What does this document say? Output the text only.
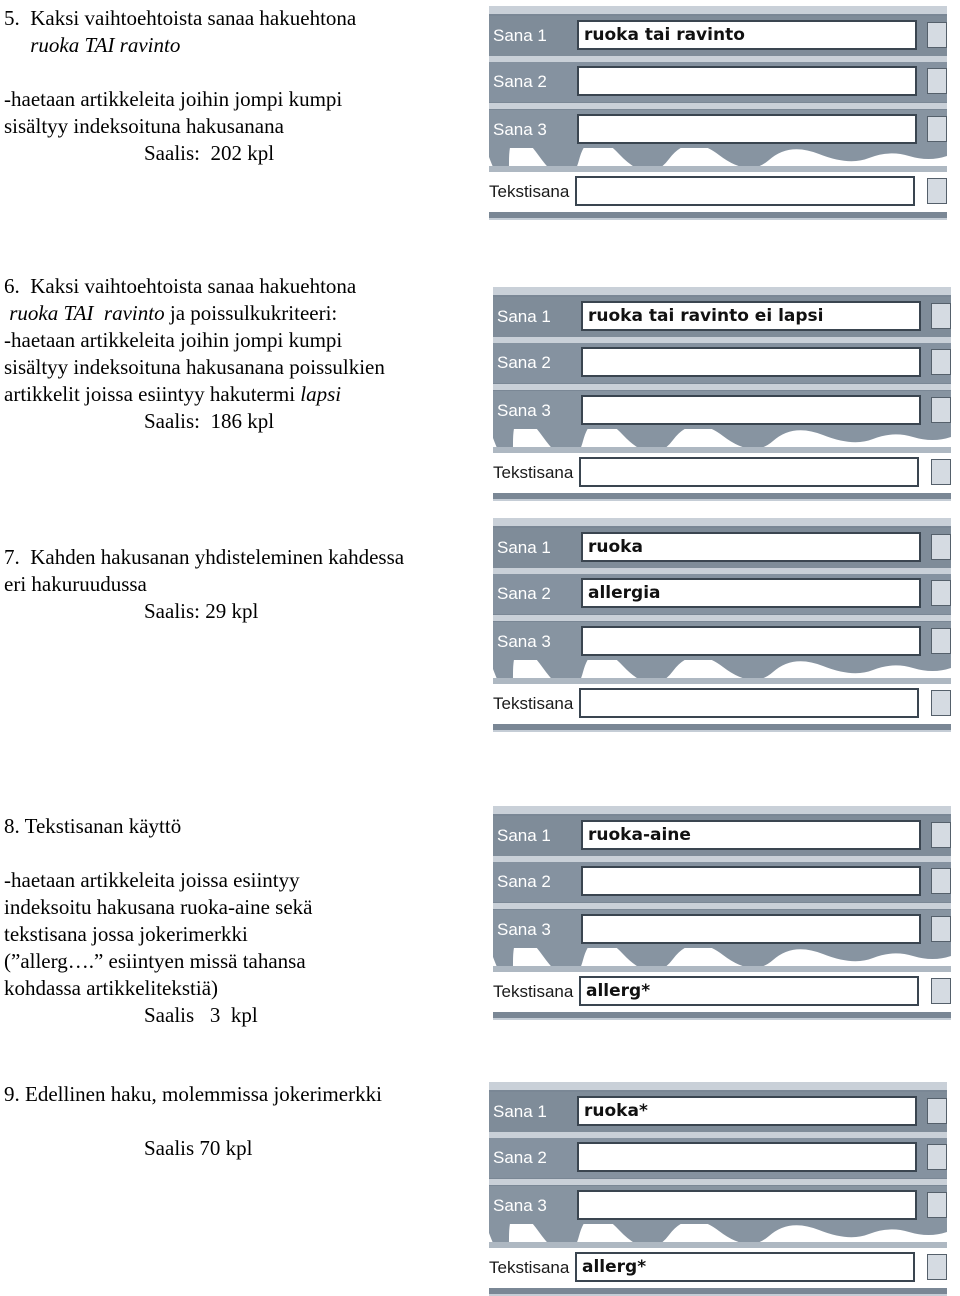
5.  Kaksi vaihtoehtoista sanaa hakuehtona
ruoka TAI ravinto

-haetaan artikkeleita joihin jompi kumpi
sisältyy indeksoituna hakusanana
Saalis:  202 kpl
Sana 1	ruoka tai ravinto
Sana 2
Sana 3
Tekstisana
6.  Kaksi vaihtoehtoista sanaa hakuehtona
ruoka TAI  ravinto ja poissulkukriteeri:
-haetaan artikkeleita joihin jompi kumpi
sisältyy indeksoituna hakusanana poissulkien
artikkelit joissa esiintyy hakutermi lapsi
Saalis:  186 kpl
Sana 1	ruoka tai ravinto ei lapsi
Sana 2
Sana 3
Tekstisana
7.  Kahden hakusanan yhdisteleminen kahdessa
eri hakuruudussa
Saalis: 29 kpl
Sana 1	ruoka
Sana 2	allergia
Sana 3
Tekstisana
8. Tekstisanan käyttö

-haetaan artikkeleita joissa esiintyy
indeksoitu hakusana ruoka-aine sekä
tekstisana jossa jokerimerkki
(”allerg….” esiintyen missä tahansa
kohdassa artikkelitekstiä)
Saalis   3  kpl
Sana 1	ruoka-aine
Sana 2
Sana 3
Tekstisana allerg*
9. Edellinen haku, molemmissa jokerimerkki

Saalis 70 kpl
Sana 1	ruoka*
Sana 2
Sana 3
Tekstisana allerg*
